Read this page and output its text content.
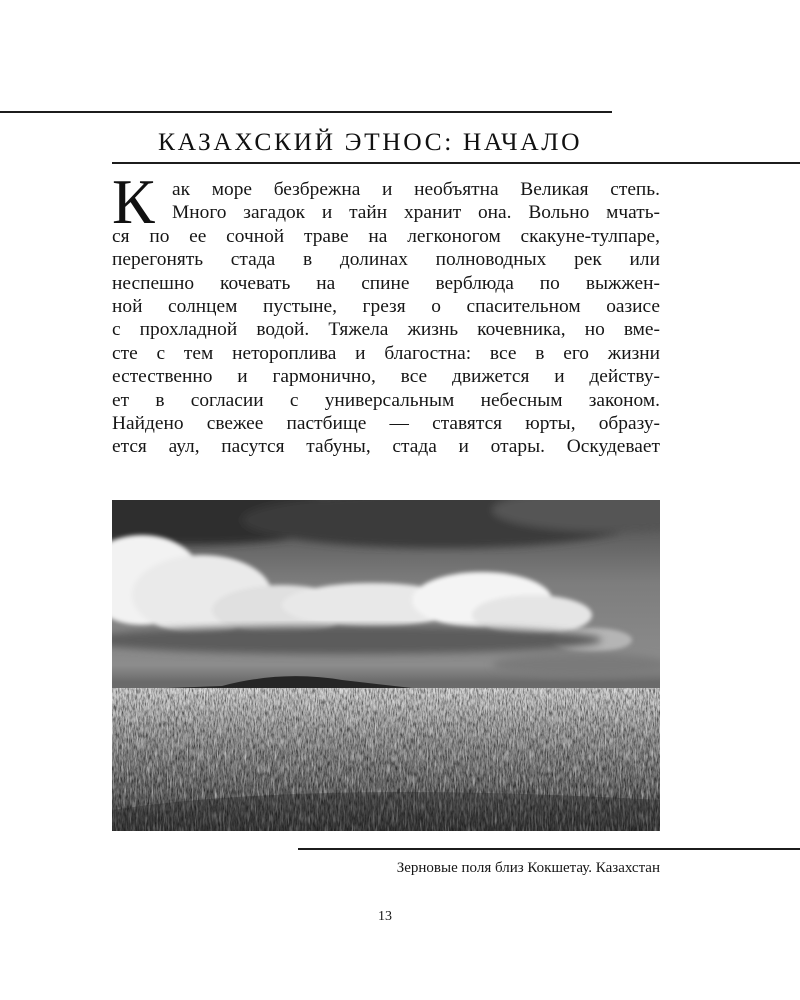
КАЗАХСКИЙ ЭТНОС: НАЧАЛО
К ак море безбрежна и необъятна Великая степь.
Много загадок и тайн хранит она. Вольно мчать-
ся по ее сочной траве на легконогом скакуне-тулпаре,
перегонять стада в долинах полноводных рек или
неспешно кочевать на спине верблюда по выжжен-
ной солнцем пустыне, грезя о спасительном оазисе
с прохладной водой. Тяжела жизнь кочевника, но вме-
сте с тем нетороплива и благостна: все в его жизни
естественно и гармонично, все движется и действу-
ет в согласии с универсальным небесным законом.
Найдено свежее пастбище — ставятся юрты, образу-
ется аул, пасутся табуны, стада и отары. Оскудевает
Зерновые поля близ Кокшетау. Казахстан
13
